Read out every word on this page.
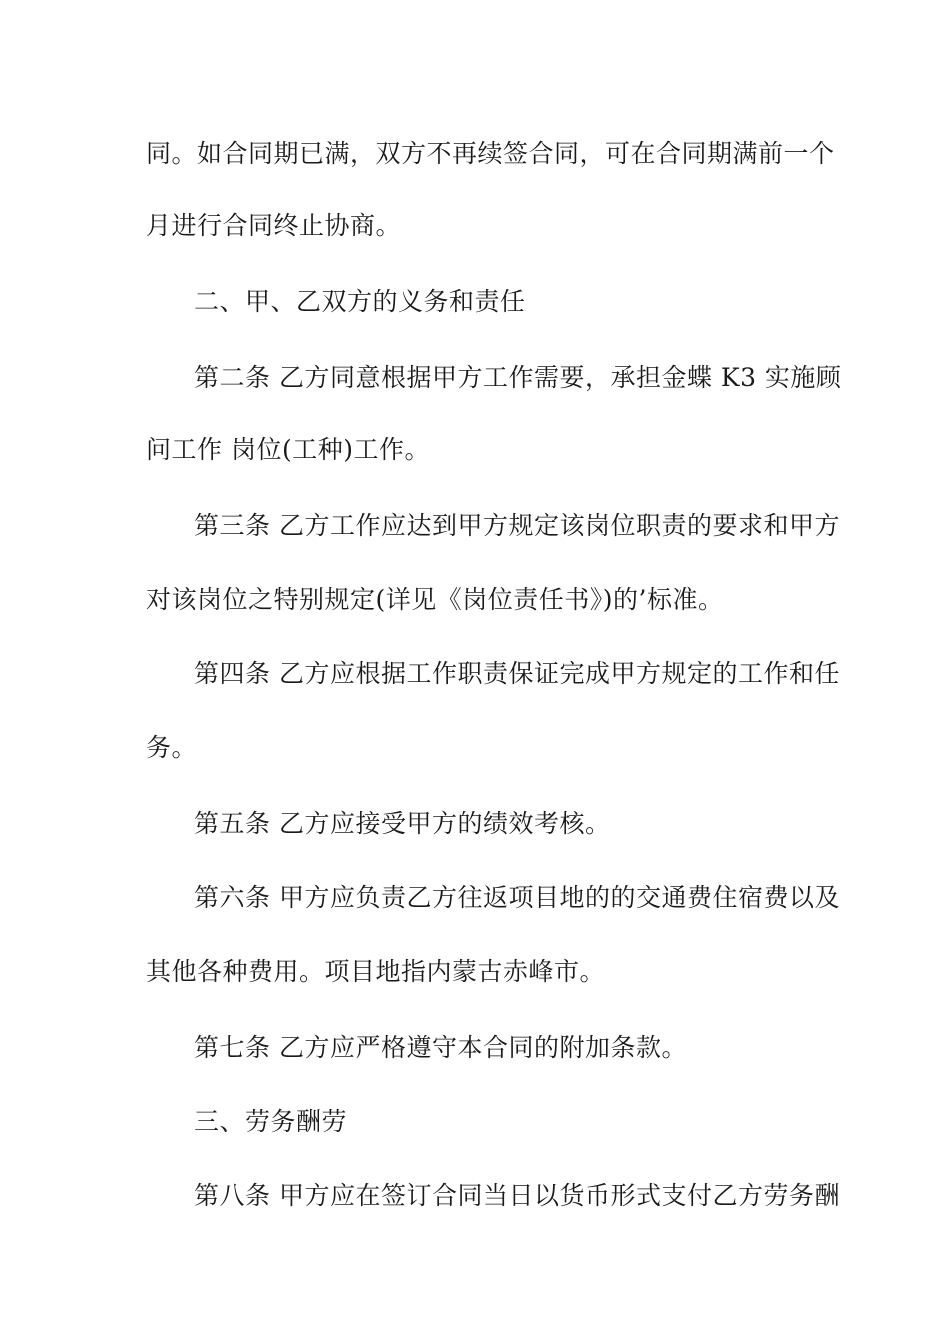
同。如合同期已满，双方不再续签合同，可在合同期满前一个
月进行合同终止协商。
二、甲、乙双方的义务和责任
第二条 乙方同意根据甲方工作需要，承担金蝶 K3 实施顾
问工作 岗位(工种)工作。
第三条 乙方工作应达到甲方规定该岗位职责的要求和甲方
对该岗位之特别规定(详见《岗位责任书》)的’标准。
第四条 乙方应根据工作职责保证完成甲方规定的工作和任
务。
第五条 乙方应接受甲方的绩效考核。
第六条 甲方应负责乙方往返项目地的的交通费住宿费以及
其他各种费用。项目地指内蒙古赤峰市。
第七条 乙方应严格遵守本合同的附加条款。
三、劳务酬劳
第八条 甲方应在签订合同当日以货币形式支付乙方劳务酬
